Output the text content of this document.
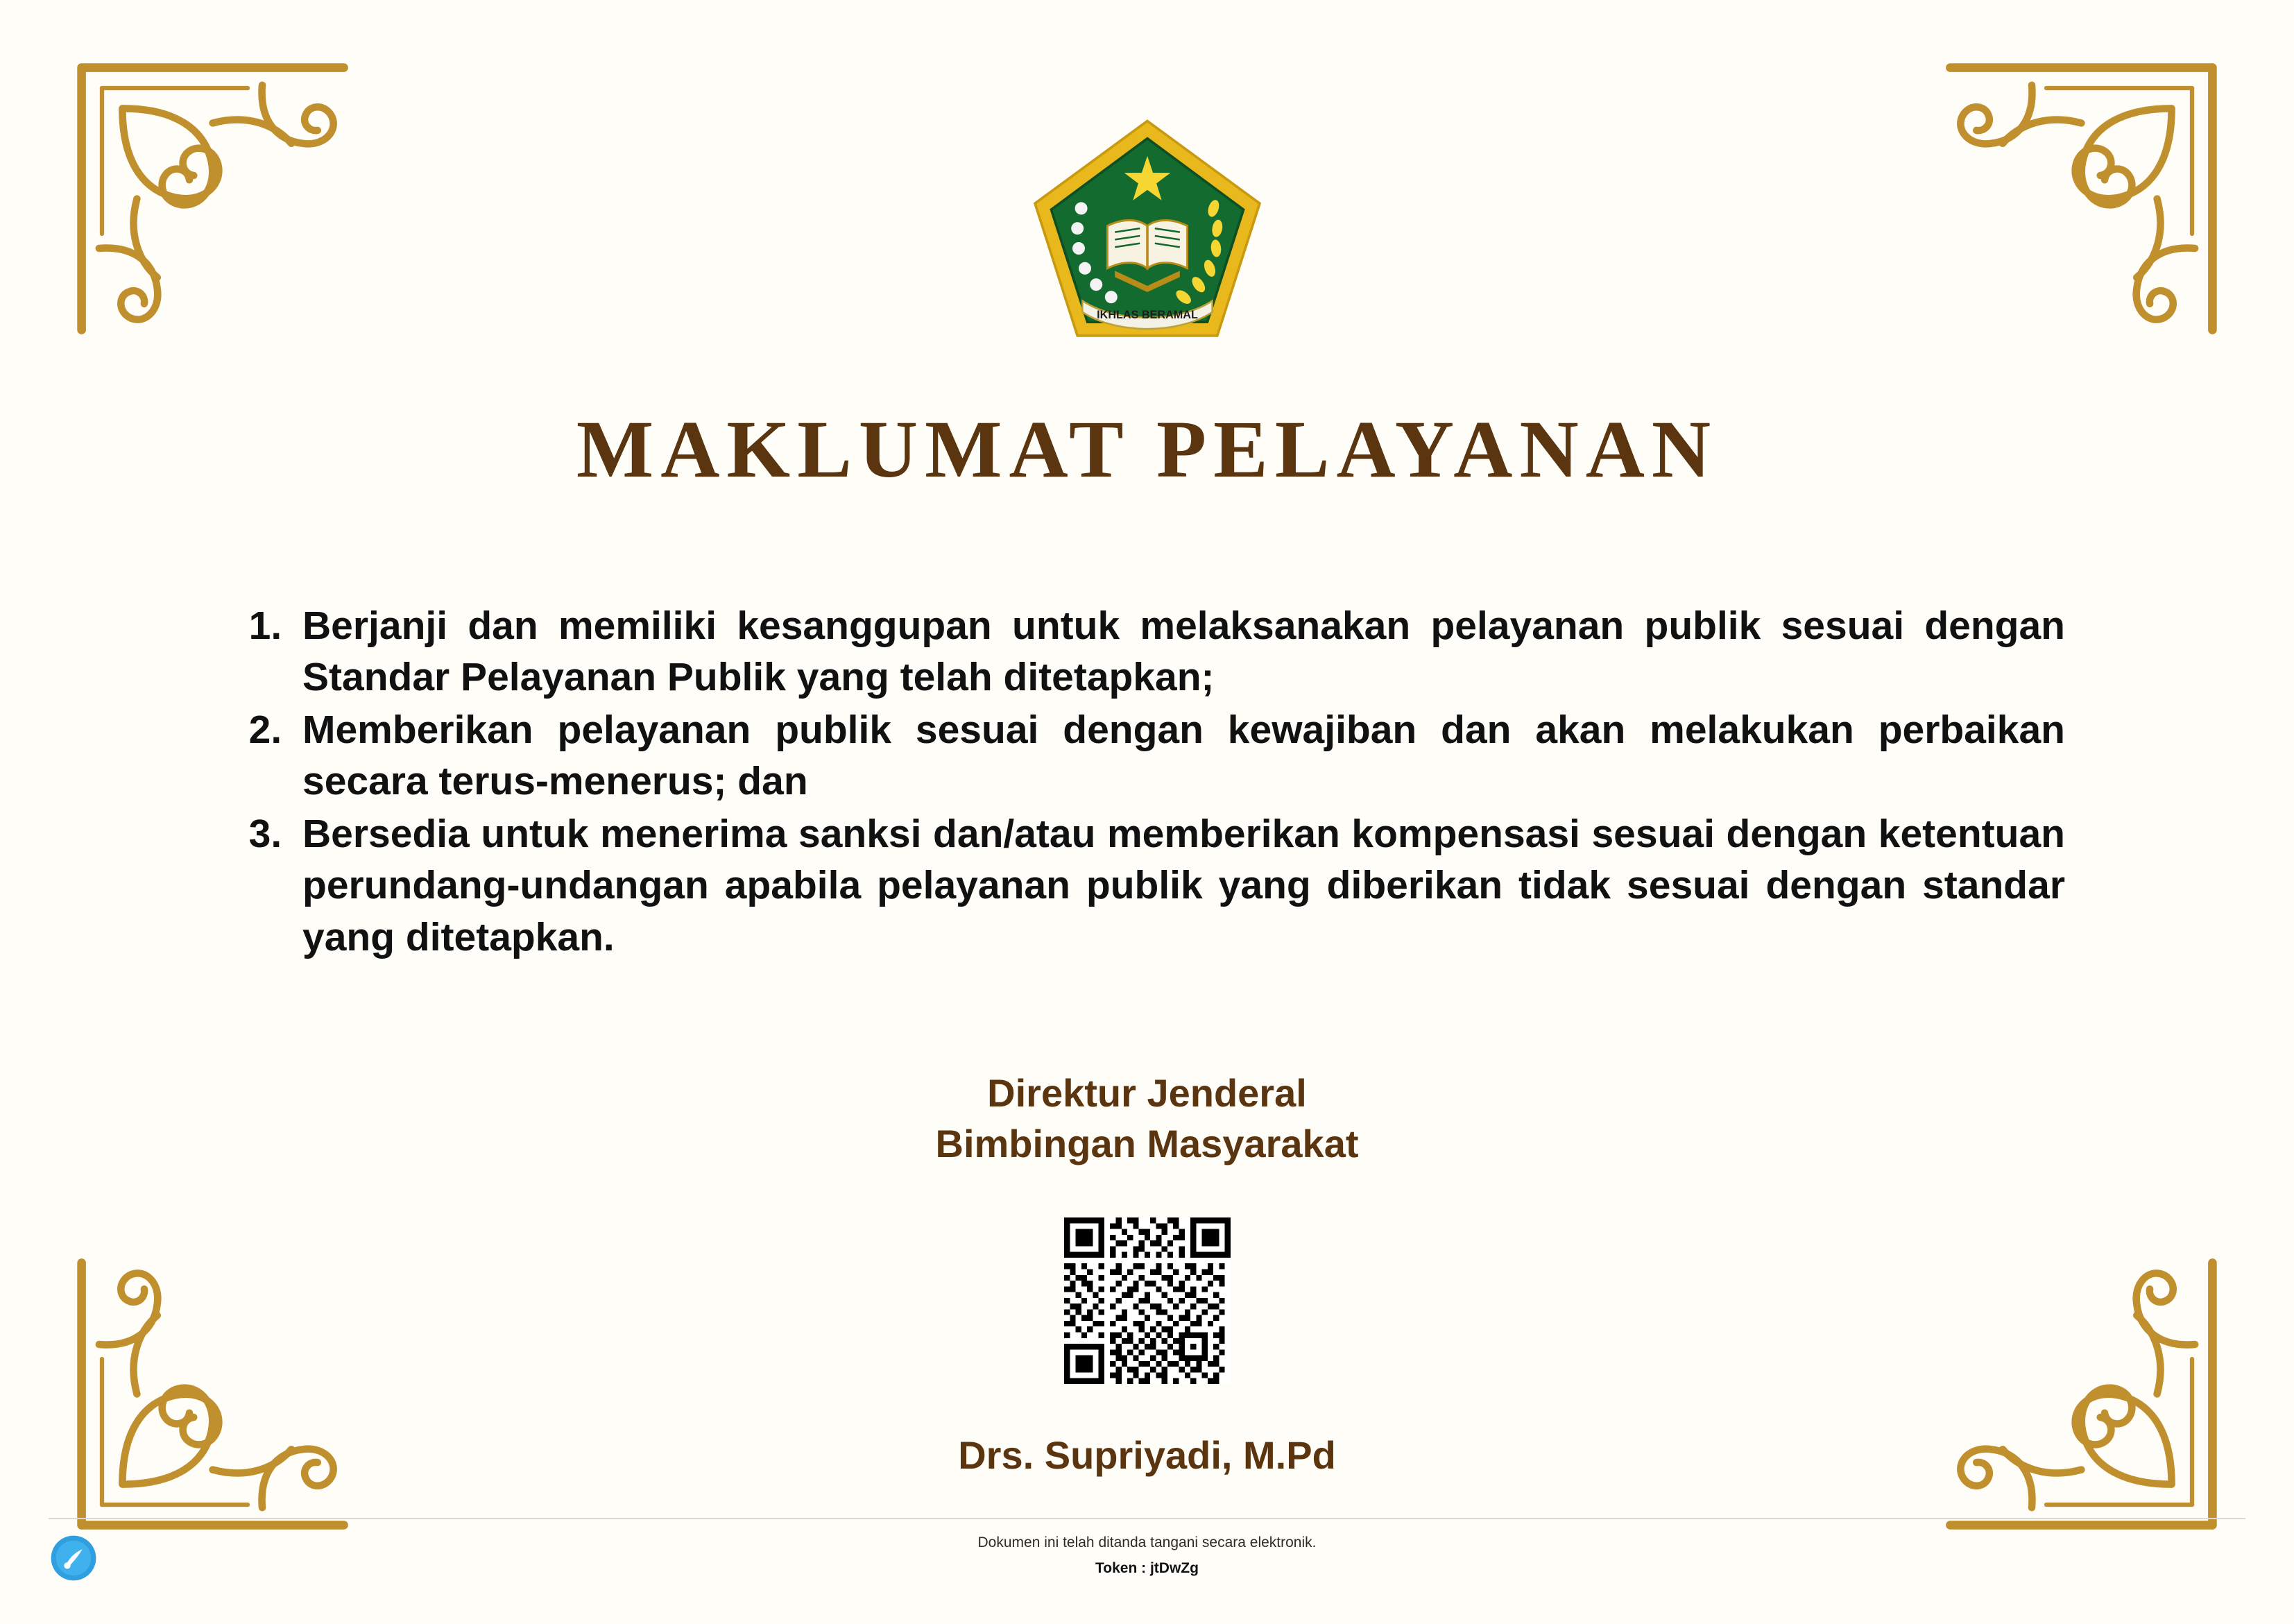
IKHLAS BERAMAL
MAKLUMAT PELAYANAN
1. Berjanji dan memiliki kesanggupan untuk melaksanakan pelayanan publik sesuai dengan Standar Pelayanan Publik yang telah ditetapkan;
2. Memberikan pelayanan publik sesuai dengan kewajiban dan akan melakukan perbaikan secara terus-menerus; dan
3. Bersedia untuk menerima sanksi dan/atau memberikan kompensasi sesuai dengan ketentuan perundang-undangan apabila pelayanan publik yang diberikan tidak sesuai dengan standar yang ditetapkan.
Direktur Jenderal
Bimbingan Masyarakat
Drs. Supriyadi, M.Pd
Dokumen ini telah ditanda tangani secara elektronik.
Token : jtDwZg
